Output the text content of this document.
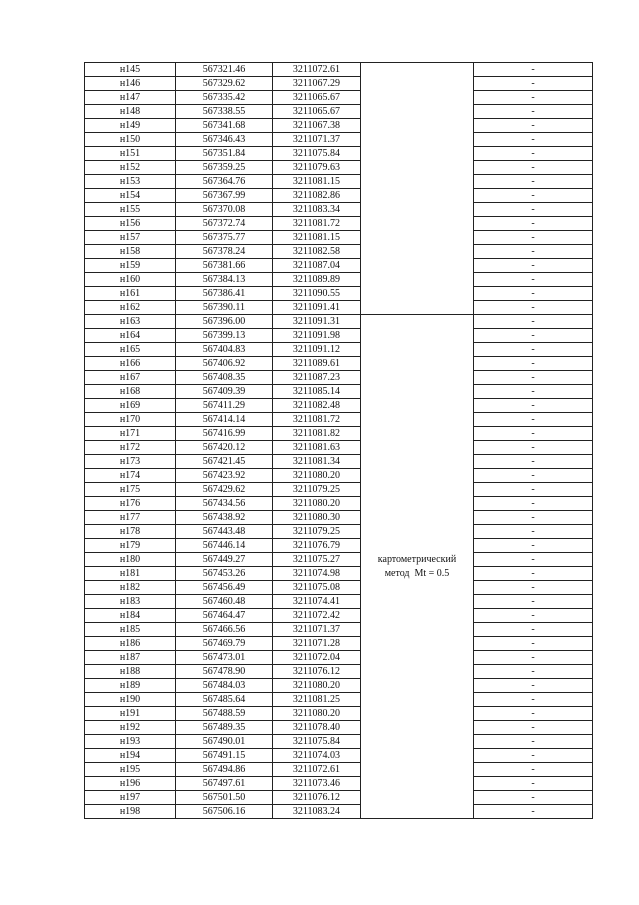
н145	567321.46	3211072.61		-
н146	567329.62	3211067.29		-
н147	567335.42	3211065.67		-
н148	567338.55	3211065.67		-
н149	567341.68	3211067.38		-
н150	567346.43	3211071.37		-
н151	567351.84	3211075.84		-
н152	567359.25	3211079.63		-
н153	567364.76	3211081.15		-
н154	567367.99	3211082.86		-
н155	567370.08	3211083.34		-
н156	567372.74	3211081.72		-
н157	567375.77	3211081.15		-
н158	567378.24	3211082.58		-
н159	567381.66	3211087.04		-
н160	567384.13	3211089.89		-
н161	567386.41	3211090.55		-
н162	567390.11	3211091.41		-
н163	567396.00	3211091.31	картометрический
метод  Mt = 0.5	-
н164	567399.13	3211091.98		-
н165	567404.83	3211091.12		-
н166	567406.92	3211089.61		-
н167	567408.35	3211087.23		-
н168	567409.39	3211085.14		-
н169	567411.29	3211082.48		-
н170	567414.14	3211081.72		-
н171	567416.99	3211081.82		-
н172	567420.12	3211081.63		-
н173	567421.45	3211081.34		-
н174	567423.92	3211080.20		-
н175	567429.62	3211079.25		-
н176	567434.56	3211080.20		-
н177	567438.92	3211080.30		-
н178	567443.48	3211079.25		-
н179	567446.14	3211076.79		-
н180	567449.27	3211075.27		-
н181	567453.26	3211074.98		-
н182	567456.49	3211075.08		-
н183	567460.48	3211074.41		-
н184	567464.47	3211072.42		-
н185	567466.56	3211071.37		-
н186	567469.79	3211071.28		-
н187	567473.01	3211072.04		-
н188	567478.90	3211076.12		-
н189	567484.03	3211080.20		-
н190	567485.64	3211081.25		-
н191	567488.59	3211080.20		-
н192	567489.35	3211078.40		-
н193	567490.01	3211075.84		-
н194	567491.15	3211074.03		-
н195	567494.86	3211072.61		-
н196	567497.61	3211073.46		-
н197	567501.50	3211076.12		-
н198	567506.16	3211083.24		-
